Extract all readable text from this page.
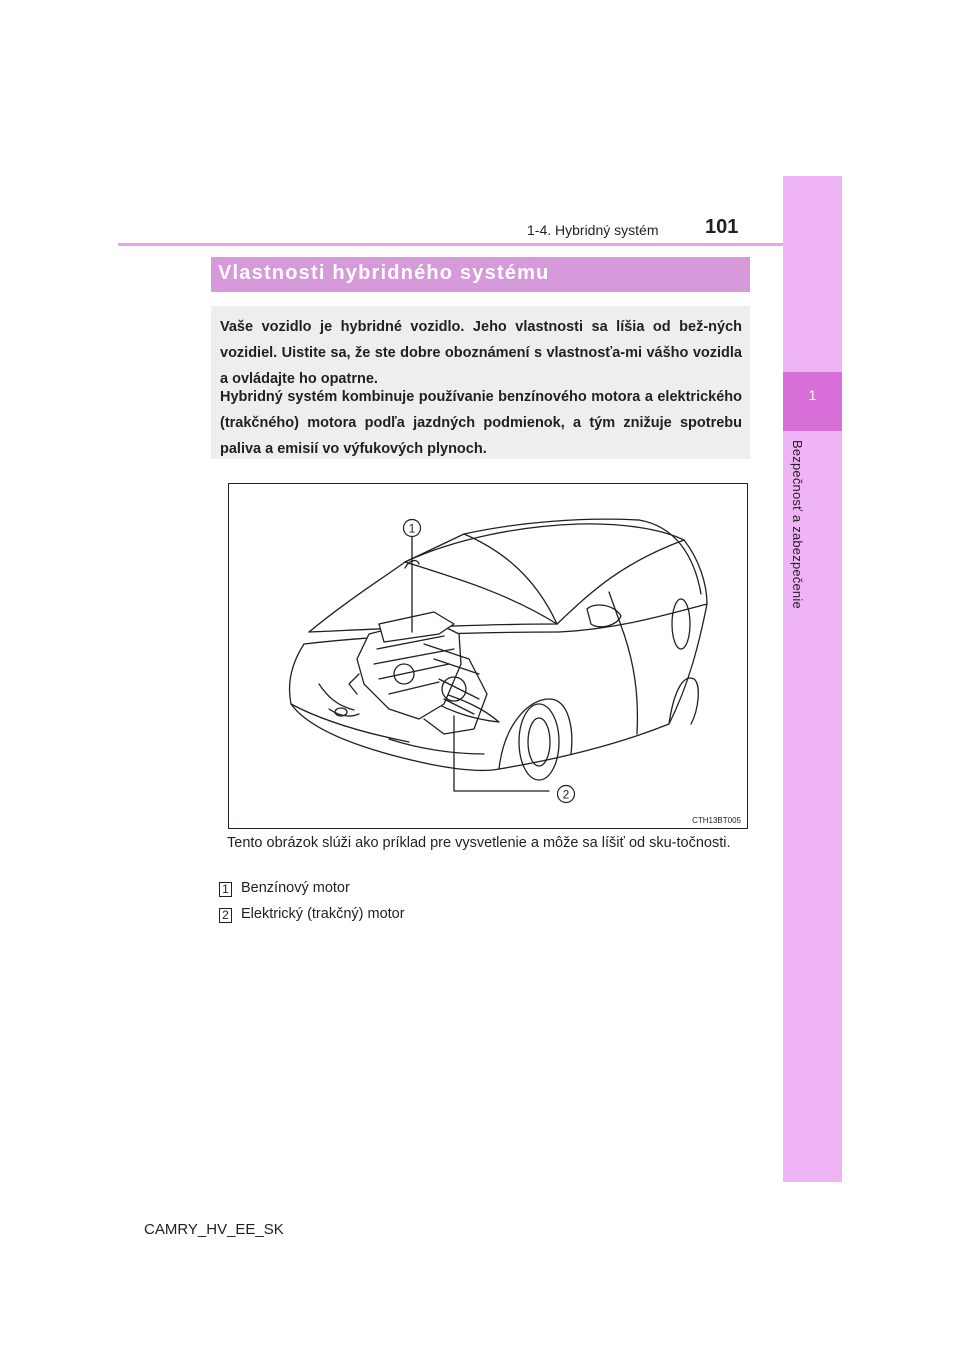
1
Bezpečnosť a zabezpečenie
1-4. Hybridný systém 101
Vlastnosti hybridného systému

Vaše vozidlo je hybridné vozidlo. Jeho vlastnosti sa líšia od bež-ných vozidiel. Uistite sa, že ste dobre oboznámení s vlastnosťa-mi vášho vozidla a ovládajte ho opatrne.

Hybridný systém kombinuje používanie benzínového motora a elektrického (trakčného) motora podľa jazdných podmienok, a tým znižuje spotrebu paliva a emisií vo výfukových plynoch.

1
2
CTH13BT005

Tento obrázok slúži ako príklad pre vysvetlenie a môže sa líšiť od sku-točnosti.

1 Benzínový motor
2 Elektrický (trakčný) motor
CAMRY_HV_EE_SK
